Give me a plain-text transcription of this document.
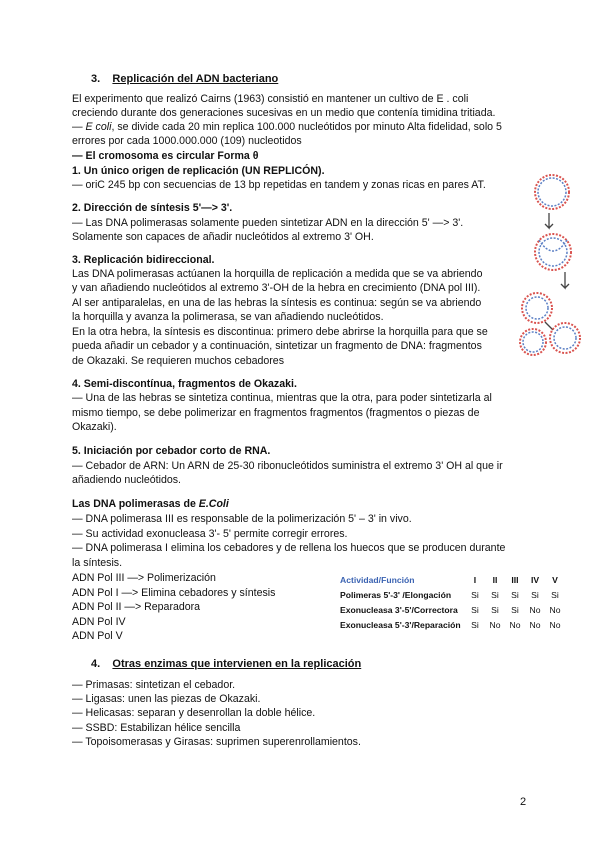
3. Replicación del ADN bacteriano
El experimento que realizó Cairns (1963) consistió en mantener un cultivo de E . coli
creciendo durante dos generaciones sucesivas en un medio que contenía timidina tritiada.
— E coli, se divide cada 20 min replica 100.000 nucleótidos por minuto Alta fidelidad, solo 5
errores por cada 1000.000.000 (109) nucleotidos
— El cromosoma es circular Forma θ
1. Un único origen de replicación (UN REPLICÓN).
— oriC 245 bp con secuencias de 13 bp repetidas en tandem y zonas ricas en pares AT.
2. Dirección de síntesis 5'—> 3'.
— Las DNA polimerasas solamente pueden sintetizar ADN en la dirección 5' —> 3'.
Solamente son capaces de añadir nucleótidos al extremo 3' OH.
3. Replicación bidireccional.
Las DNA polimerasas actúanen la horquilla de replicación a medida que se va abriendo
y van añadiendo nucleótidos al extremo 3'-OH de la hebra en crecimiento (DNA pol III).
Al ser antiparalelas, en una de las hebras la síntesis es continua: según se va abriendo
la horquilla y avanza la polimerasa, se van añadiendo nucleótidos.
En la otra hebra, la síntesis es discontinua: primero debe abrirse la horquilla para que se
pueda añadir un cebador y a continuación, sintetizar un fragmento de DNA: fragmentos
de Okazaki. Se requieren muchos cebadores
4. Semi-discontínua, fragmentos de Okazaki.
— Una de las hebras se sintetiza continua, mientras que la otra, para poder sintetizarla al
mismo tiempo, se debe polimerizar en fragmentos fragmentos (fragmentos o piezas de
Okazaki).
5. Iniciación por cebador corto de RNA.
— Cebador de ARN: Un ARN de 25-30 ribonucleótidos suministra el extremo 3' OH al que ir
añadiendo nucleótidos.
Las DNA polimerasas de E.Coli
— DNA polimerasa III es responsable de la polimerización 5' – 3' in vivo.
— Su actividad exonucleasa 3'- 5' permite corregir errores.
— DNA polimerasa I elimina los cebadores y de rellena los huecos que se producen durante
la síntesis.
ADN Pol III —> Polimerización
ADN Pol I —> Elimina cebadores y síntesis
ADN Pol II —> Reparadora
ADN Pol IV
ADN Pol V
Actividad/Función	I	II	III	IV	V
Polimeras 5'-3' /Elongación	Si	Si	Si	Si	Si
Exonucleasa 3'-5'/Correctora	Si	Si	Si	No	No
Exonucleasa 5'-3'/Reparación	Si	No	No	No	No
4. Otras enzimas que intervienen en la replicación
— Primasas: sintetizan el cebador.
— Ligasas: unen las piezas de Okazaki.
— Helicasas: separan y desenrollan la doble hélice.
— SSBD: Estabilizan hélice sencilla
— Topoisomerasas y Girasas: suprimen superenrollamientos.
2
